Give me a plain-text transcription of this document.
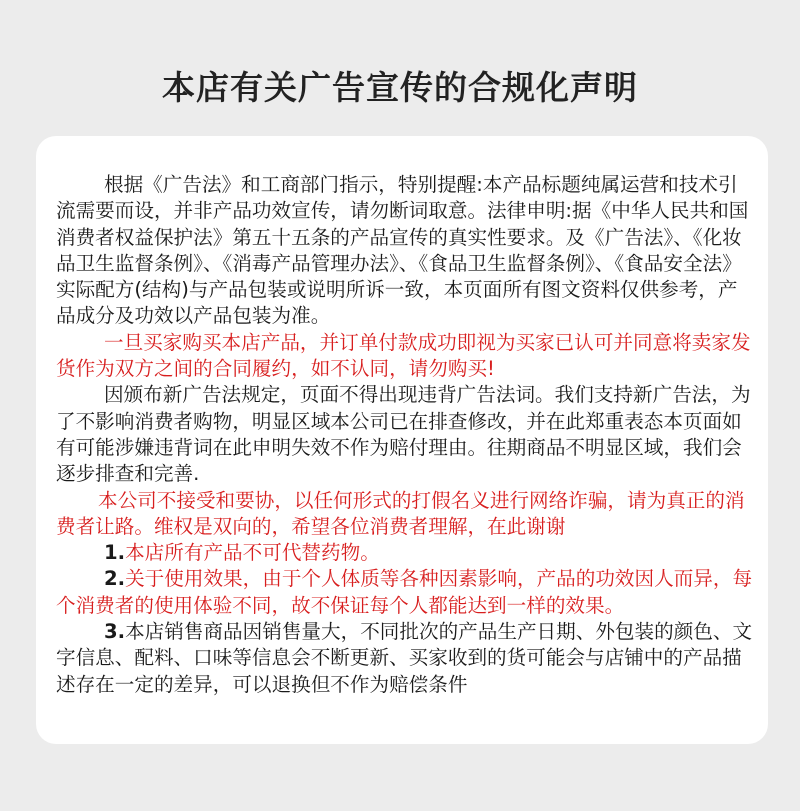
本店有关广告宣传的合规化声明

根据《广告法》和工商部门指示，特别提醒:本产品标题纯属运营和技术引流需要而设，并非产品功效宣传，请勿断词取意。法律申明:据《中华人民共和国消费者权益保护法》第五十五条的产品宣传的真实性要求。及《广告法》、《化妆品卫生监督条例》、《消毒产品管理办法》、《食品卫生监督条例》、《食品安全法》实际配方(结构)与产品包装或说明所诉一致，本页面所有图文资料仅供参考，产品成分及功效以产品包装为准。

一旦买家购买本店产品，并订单付款成功即视为买家已认可并同意将卖家发货作为双方之间的合同履约，如不认同，请勿购买!

因颁布新广告法规定，页面不得出现违背广告法词。我们支持新广告法，为了不影响消费者购物，明显区域本公司已在排查修改，并在此郑重表态本页面如有可能涉嫌违背词在此申明失效不作为赔付理由。往期商品不明显区域，我们会逐步排查和完善.

本公司不接受和要协，以任何形式的打假名义进行网络诈骗，请为真正的消费者让路。维权是双向的，希望各位消费者理解，在此谢谢

1.本店所有产品不可代替药物。

2.关于使用效果，由于个人体质等各种因素影响，产品的功效因人而异，每个消费者的使用体验不同，故不保证每个人都能达到一样的效果。

3.本店销售商品因销售量大，不同批次的产品生产日期、外包装的颜色、文字信息、配料、口味等信息会不断更新、买家收到的货可能会与店铺中的产品描述存在一定的差异，可以退换但不作为赔偿条件
